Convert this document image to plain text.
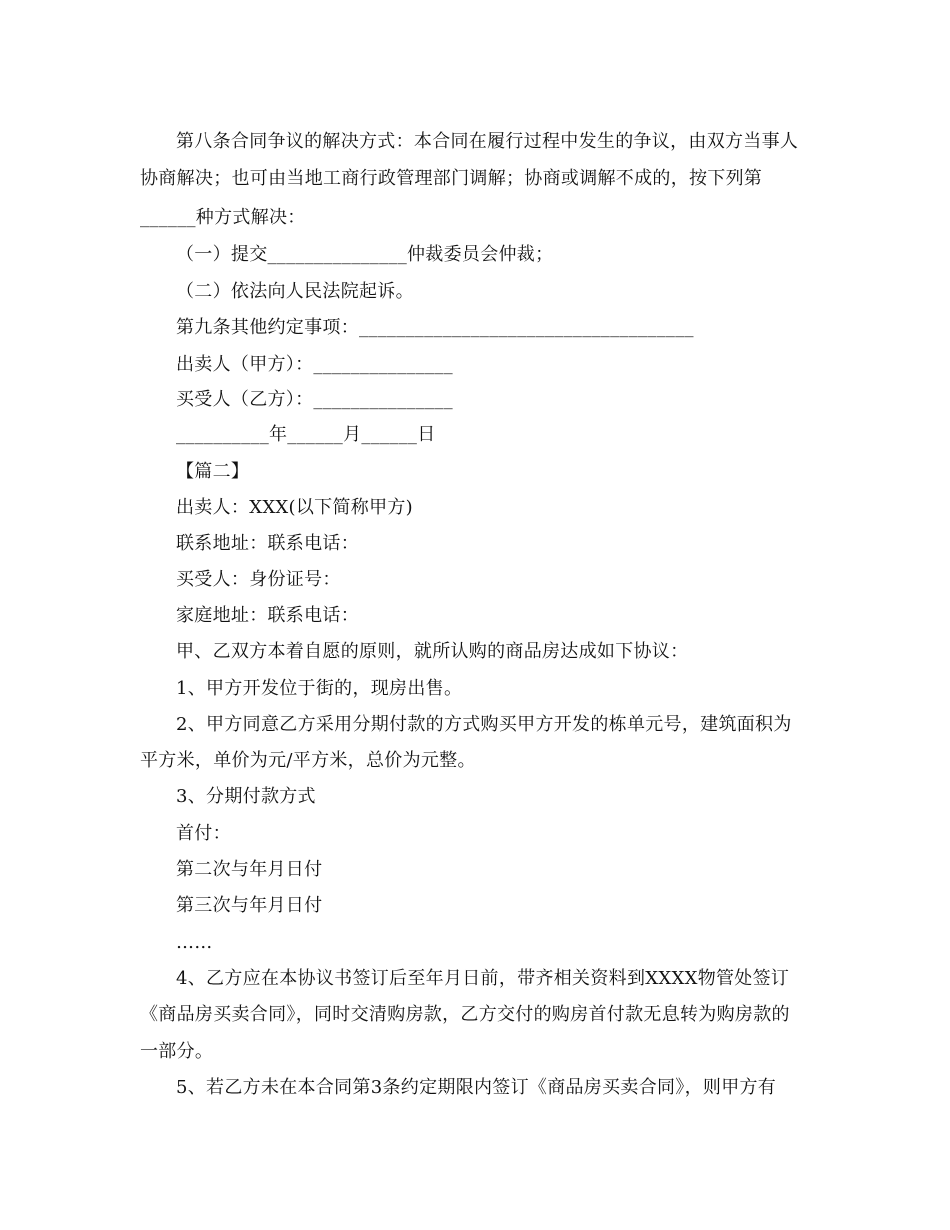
第八条合同争议的解决方式：本合同在履行过程中发生的争议，由双方当事人
协商解决；也可由当地工商行政管理部门调解；协商或调解不成的，按下列第
______种方式解决：
（一）提交_______________仲裁委员会仲裁；
（二）依法向人民法院起诉。
第九条其他约定事项：____________________________________
出卖人（甲方）：_______________
买受人（乙方）：_______________
__________年______月______日
【篇二】
出卖人：XXX(以下简称甲方)
联系地址：联系电话：
买受人：身份证号：
家庭地址：联系电话：
甲、乙双方本着自愿的原则，就所认购的商品房达成如下协议：
1、甲方开发位于街的，现房出售。
2、甲方同意乙方采用分期付款的方式购买甲方开发的栋单元号，建筑面积为
平方米，单价为元/平方米，总价为元整。
3、分期付款方式
首付：
第二次与年月日付
第三次与年月日付
……
4、乙方应在本协议书签订后至年月日前，带齐相关资料到XXXX物管处签订
《商品房买卖合同》，同时交清购房款，乙方交付的购房首付款无息转为购房款的
一部分。
5、若乙方未在本合同第3条约定期限内签订《商品房买卖合同》，则甲方有
